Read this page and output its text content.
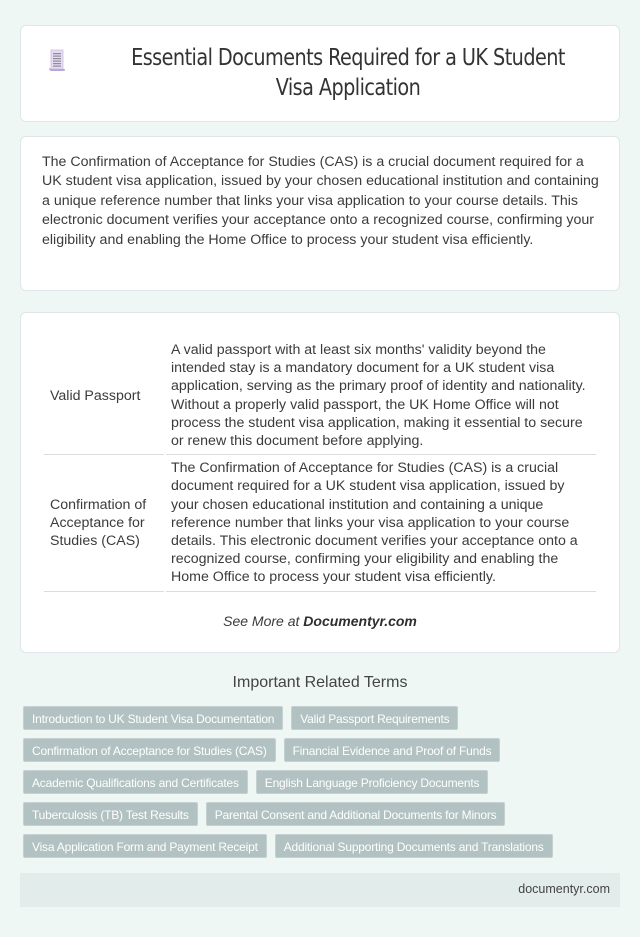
Essential Documents Required for a UK Student Visa Application

The Confirmation of Acceptance for Studies (CAS) is a crucial document required for a UK student visa application, issued by your chosen educational institution and containing a unique reference number that links your visa application to your course details. This electronic document verifies your acceptance onto a recognized course, confirming your eligibility and enabling the Home Office to process your student visa efficiently.

Valid Passport	A valid passport with at least six months' validity beyond the intended stay is a mandatory document for a UK student visa application, serving as the primary proof of identity and nationality. Without a properly valid passport, the UK Home Office will not process the student visa application, making it essential to secure or renew this document before applying.
Confirmation of Acceptance for Studies (CAS)	The Confirmation of Acceptance for Studies (CAS) is a crucial document required for a UK student visa application, issued by your chosen educational institution and containing a unique reference number that links your visa application to your course details. This electronic document verifies your acceptance onto a recognized course, confirming your eligibility and enabling the Home Office to process your student visa efficiently.
See More at Documentyr.com
Important Related Terms
Introduction to UK Student Visa Documentation	Valid Passport Requirements
Confirmation of Acceptance for Studies (CAS)	Financial Evidence and Proof of Funds
Academic Qualifications and Certificates	English Language Proficiency Documents
Tuberculosis (TB) Test Results	Parental Consent and Additional Documents for Minors
Visa Application Form and Payment Receipt	Additional Supporting Documents and Translations
documentyr.com
